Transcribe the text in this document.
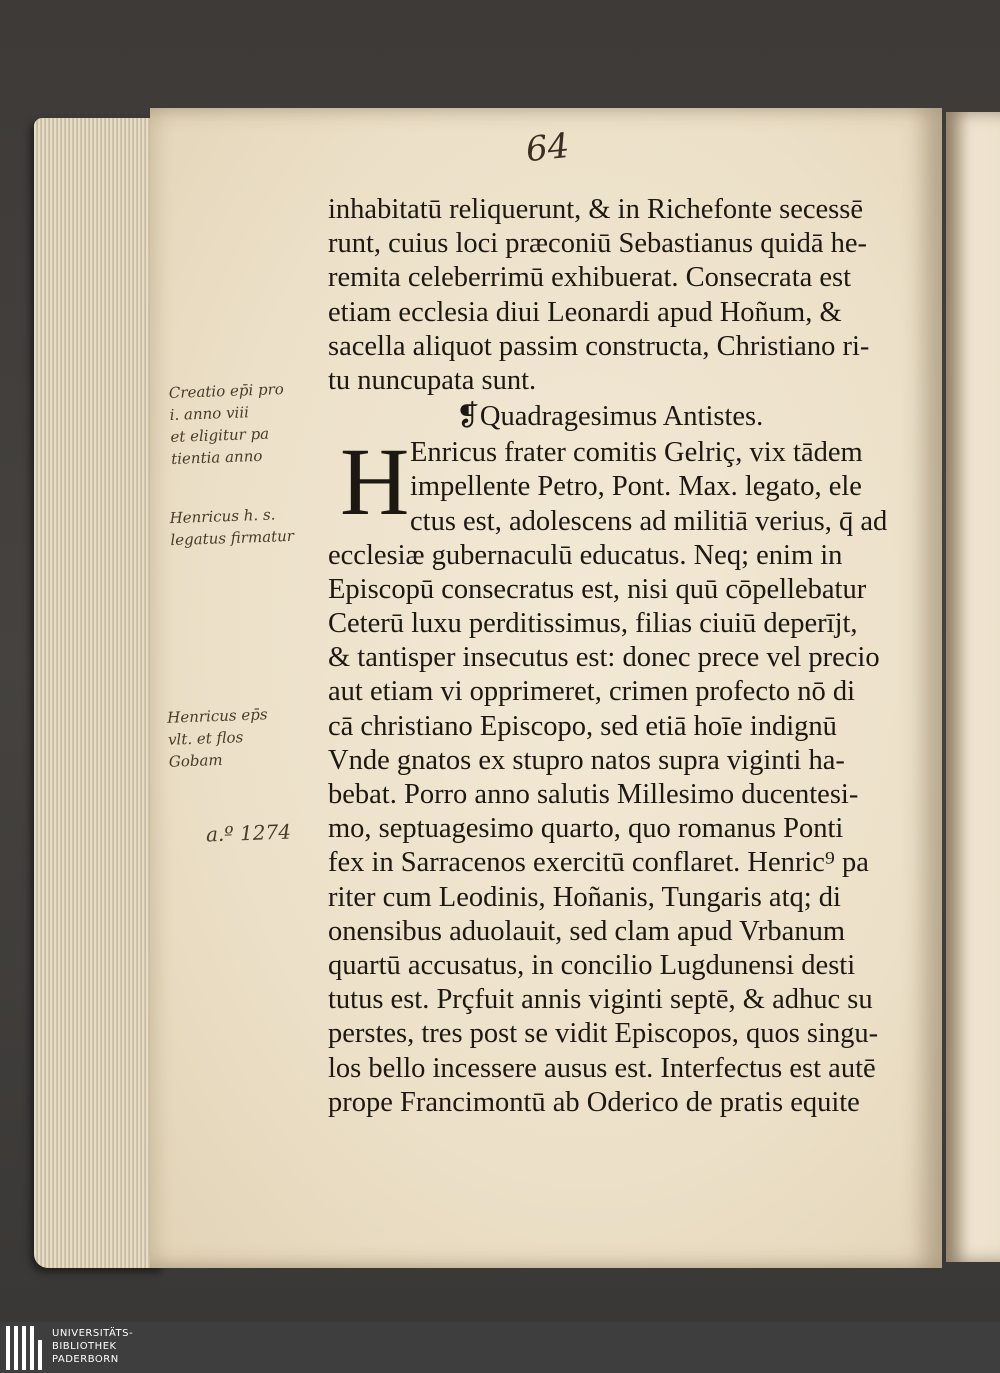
64
inhabitatū reliquerunt, & in Richefonte secessē
runt, cuius loci præconiū Sebastianus quidā he-
remita celeberrimū exhibuerat. Consecrata est
etiam ecclesia diui Leonardi apud Hoñum, &
sacella aliquot passim constructa, Christiano ri-
tu nuncupata sunt.
❡Quadragesimus Antistes.
H Enricus frater comitis Gelriç, vix tādem
impellente Petro, Pont. Max. legato, ele
ctus est, adolescens ad militiā verius, q̄ ad
ecclesiæ gubernaculū educatus. Neq; enim in
Episcopū consecratus est, nisi quū cōpellebatur
Ceterū luxu perditissimus, filias ciuiū deperījt,
& tantisper insecutus est: donec prece vel precio
aut etiam vi opprimeret, crimen profecto nō di
cā christiano Episcopo, sed etiā hoīe indignū
Vnde gnatos ex stupro natos supra viginti ha-
bebat. Porro anno salutis Millesimo ducentesi-
mo, septuagesimo quarto, quo romanus Ponti
fex in Sarracenos exercitū conflaret. Henric⁹ pa
riter cum Leodinis, Hoñanis, Tungaris atq; di
onensibus aduolauit, sed clam apud Vrbanum
quartū accusatus, in concilio Lugdunensi desti
tutus est. Prçfuit annis viginti septē, & adhuc su
perstes, tres post se vidit Episcopos, quos singu-
los bello incessere ausus est. Interfectus est autē
prope Francimontū ab Oderico de pratis equite
Creatio ep̄i pro
i. anno viii
et eligitur pa
tientia anno
Henricus h. s.
legatus firmatur
Henricus ep̄s
vlt. et flos
Gobam
a.º 1274
UNIVERSITÄTS-
BIBLIOTHEK
PADERBORN
